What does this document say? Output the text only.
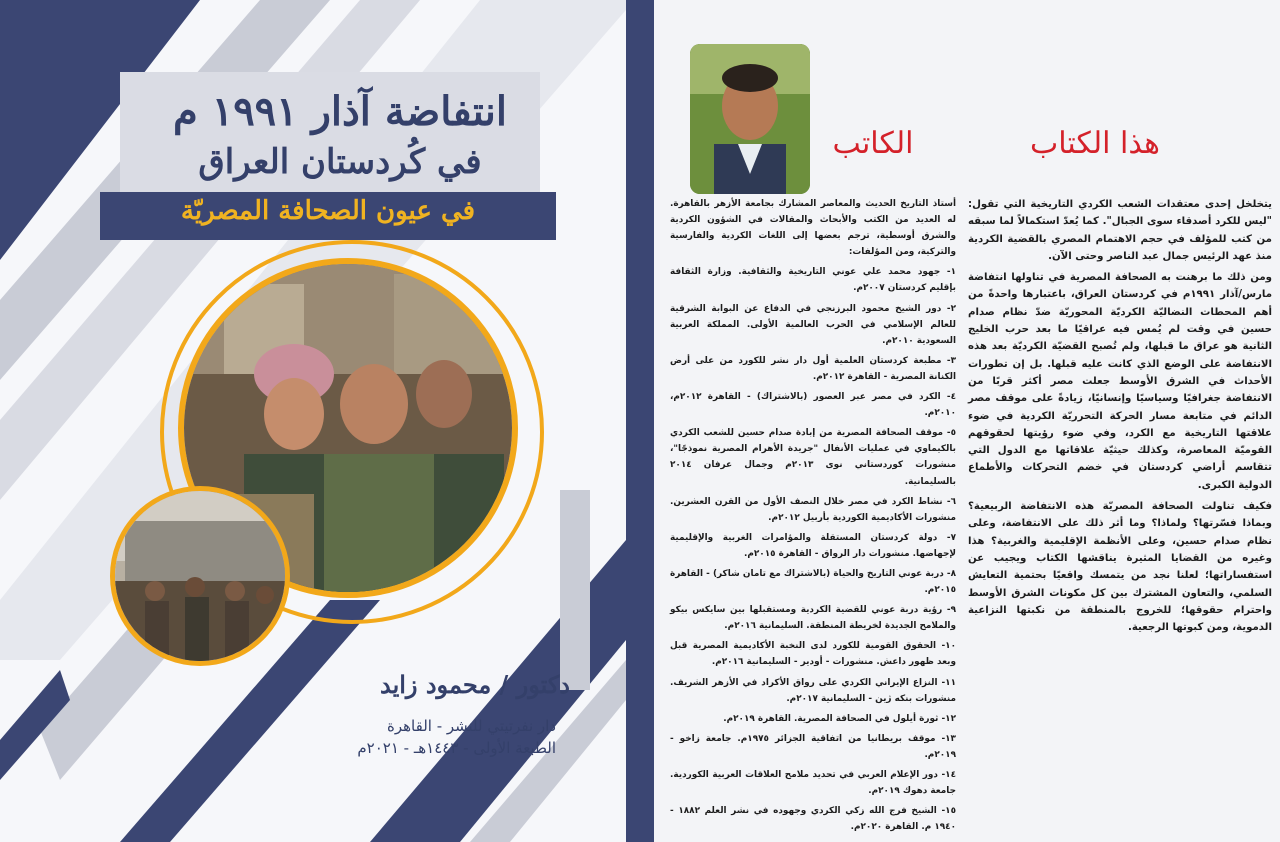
انتفاضة آذار ١٩٩١ م
في كُردستان العراق
في عيون الصحافة المصريّة
دكتور / محمود زايد
دار نفرتيتي للنشر - القاهرة
الطبعة الأولى - ١٤٤٣هـ - ٢٠٢١م
هذا الكتاب
الكاتب

يتخلخل إحدى معتقدات الشعب الكردي التاريخية التي تقول: "ليس للكرد أصدقاء سوى الجبال". كما يُعدّ استكمالاً لما سبقه من كتب للمؤلف في حجم الاهتمام المصري بالقضية الكردية منذ عهد الرئيس جمال عبد الناصر وحتى الآن.

ومن ذلك ما برهنت به الصحافة المصرية في تناولها انتفاضة مارس/آذار ١٩٩١م في كردستان العراق، باعتبارها واحدةً من أهم المحطات النضاليّة الكرديّة المحوريّة ضدّ نظام صدام حسين في وقت لم يُمس فيه عراقيًا ما بعد حرب الخليج الثانية هو عراق ما قبلها، ولم تُصبح القضيّة الكرديّة بعد هذه الانتفاضة على الوضع الذي كانت عليه قبلها. بل إن تطورات الأحداث في الشرق الأوسط جعلت مصر أكثر قربًا من الانتفاضة جغرافيًا وسياسيًا وإنسانيًا، زيادةً على موقف مصر الدائم في متابعة مسار الحركة التحرريّة الكردية في ضوء علاقتها التاريخية مع الكرد، وفي ضوء رؤيتها لحقوقهم القوميّة المعاصرة، وكذلك حيثيّة علاقاتها مع الدول التي تتقاسم أراضي كردستان في خضم التحركات والأطماع الدولية الكبرى.

فكيف تناولت الصحافة المصريّة هذه الانتفاضة الربيعية؟ وبماذا فسّرتها؟ ولماذا؟ وما أثر ذلك على الانتفاضة، وعلى نظام صدام حسين، وعلى الأنظمة الإقليمية والغربية؟ هذا وغيره من القضايا المثيرة يناقشها الكتاب ويجيب عن استفساراتها؛ لعلنا نجد من يتمسك واقعيًا بحتمية التعايش السلمي، والتعاون المشترك بين كل مكونات الشرق الأوسط واحترام حقوقها؛ للخروج بالمنطقة من نكبتها النزاعية الدموية، ومن كبوتها الرجعية.

أستاذ التاريخ الحديث والمعاصر المشارك بجامعة الأزهر بالقاهرة. له العديد من الكتب والأبحاث والمقالات في الشؤون الكردية والشرق أوسطية، ترجم بعضها إلى اللغات الكردية والفارسية والتركية، ومن المؤلفات:

١- جهود محمد علي عوني التاريخية والثقافية. وزارة الثقافة بإقليم كردستان ٢٠٠٧م.

٢- دور الشيخ محمود البرزنجي في الدفاع عن البوابة الشرقية للعالم الإسلامي في الحرب العالمية الأولى. المملكة العربية السعودية ٢٠١٠م.

٣- مطبعة كردستان العلمية أول دار نشر للكورد من على أرض الكنانة المصرية - القاهرة ٢٠١٢م.

٤- الكرد في مصر عبر العصور (بالاشتراك) - القاهرة ٢٠١٢م، ٢٠١٠م.

٥- موقف الصحافة المصرية من إبادة صدام حسين للشعب الكردي بالكيماوي في عمليات الأنفال "جريدة الأهرام المصرية نموذجًا"، منشورات كوردستاني نوى ٢٠١٣م وجمال عرفان ٢٠١٤ بالسليمانية.

٦- نشاط الكرد في مصر خلال النصف الأول من القرن العشرين. منشورات الأكاديمية الكوردية بأربيل ٢٠١٢م.

٧- دولة كردستان المستقلة والمؤامرات الغربية والإقليمية لإجهاضها. منشورات دار الرواق - القاهرة ٢٠١٥م.

٨- دربة عوني التاريخ والحياة (بالاشتراك مع تامان شاكر) - القاهرة ٢٠١٥م.

٩- رؤية دربة عوني للقضية الكردية ومستقبلها بين سايكس بيكو والملامح الجديدة لخريطة المنطقة. السليمانية ٢٠١٦م.

١٠- الحقوق القومية للكورد لدى النخبة الأكاديمية المصرية قبل وبعد ظهور داعش. منشورات - أودير - السليمانية ٢٠١٦م.

١١- النزاع الإيراني الكردي على رواق الأكراد في الأزهر الشريف. منشورات بنكه ژين - السليمانية ٢٠١٧م.

١٢- ثورة أيلول في الصحافة المصرية. القاهرة ٢٠١٩م.

١٣- موقف بريطانيا من اتفاقية الجزائر ١٩٧٥م. جامعة زاخو - ٢٠١٩م.

١٤- دور الإعلام العربي في تحديد ملامح العلاقات العربية الكوردية. جامعة دهوك ٢٠١٩م.

١٥- الشيخ فرج الله زكي الكردي وجهوده في نشر العلم ١٨٨٢ - ١٩٤٠ م. القاهرة ٢٠٢٠م.
